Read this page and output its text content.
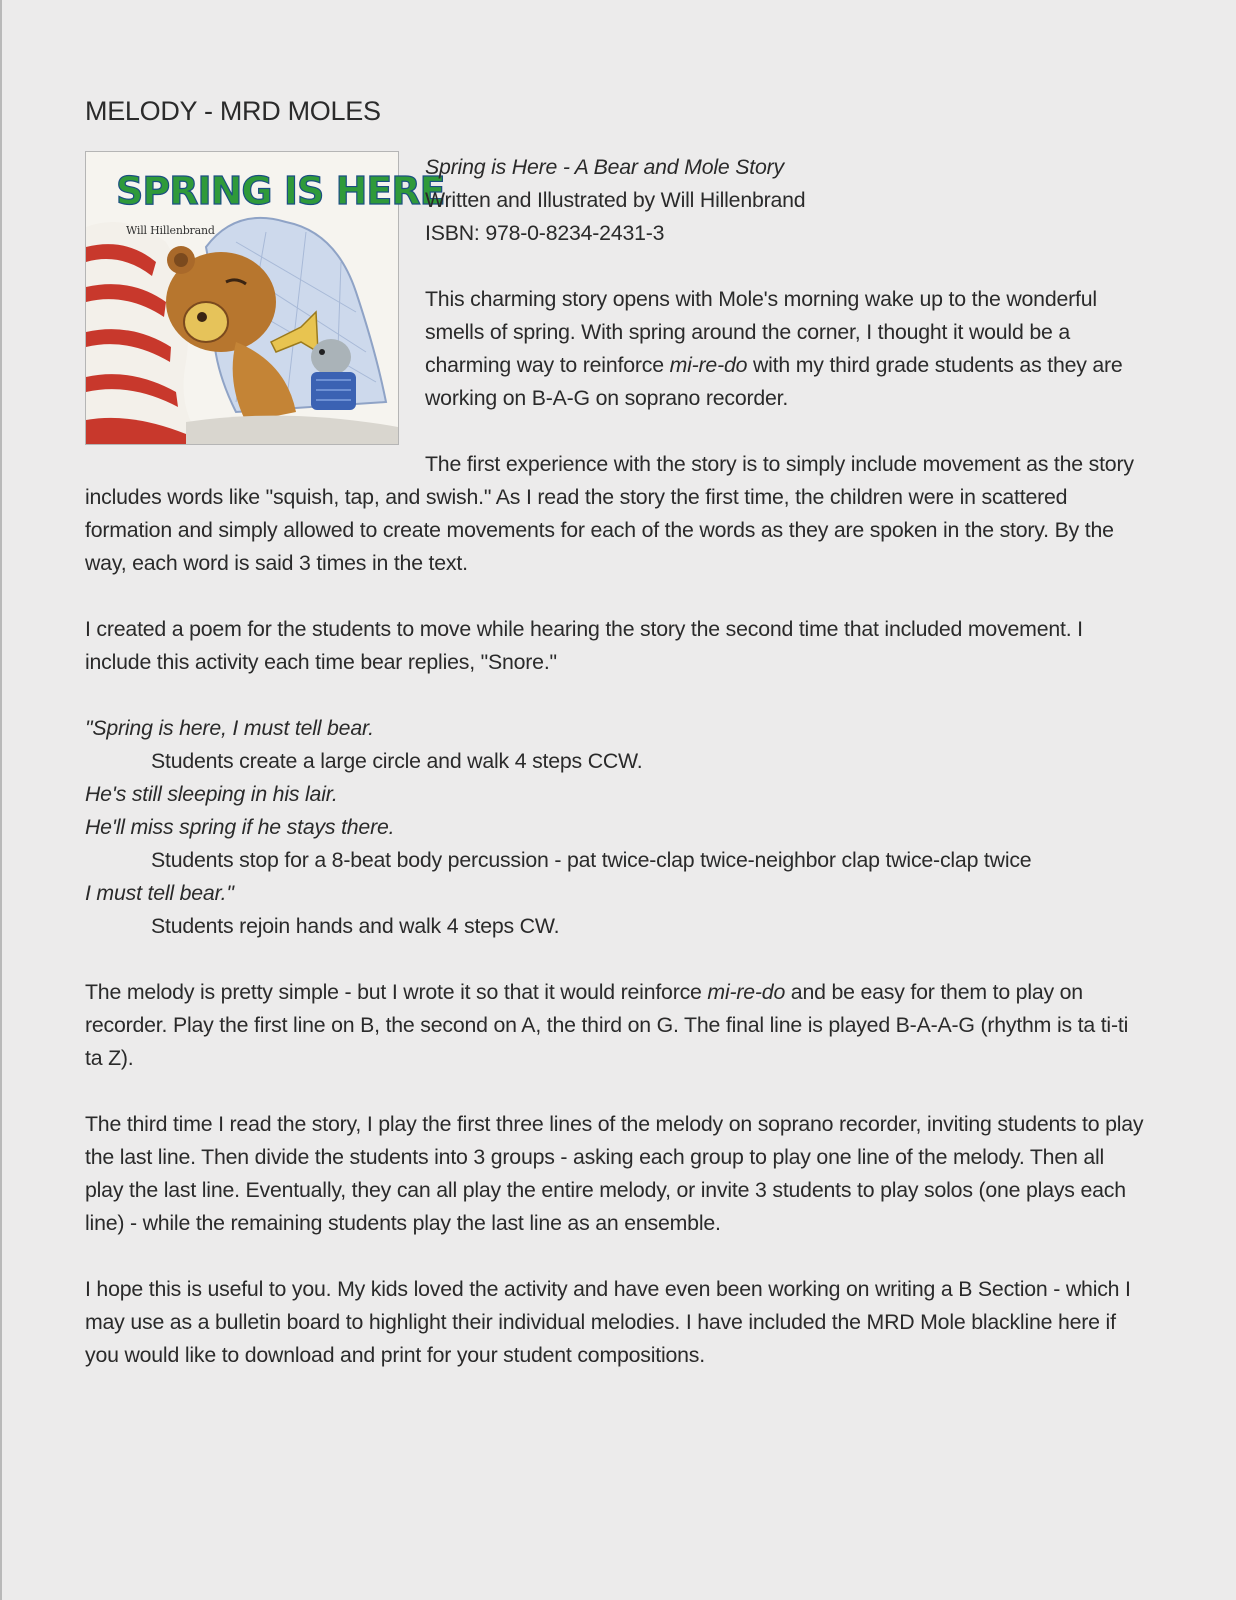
MELODY - MRD MOLES
SPRING IS HERE
Will Hillenbrand
Spring is Here - A Bear and Mole Story
Written and Illustrated by Will Hillenbrand
ISBN: 978-0-8234-2431-3

This charming story opens with Mole's morning wake up to the wonderful smells of spring. With spring around the corner, I thought it would be a charming way to reinforce mi-re-do with my third grade students as they are working on B-A-G on soprano recorder.

The first experience with the story is to simply include movement as the story includes words like "squish, tap, and swish." As I read the story the first time, the children were in scattered formation and simply allowed to create movements for each of the words as they are spoken in the story. By the way, each word is said 3 times in the text.

I created a poem for the students to move while hearing the story the second time that included movement. I include this activity each time bear replies, "Snore."

"Spring is here, I must tell bear.
Students create a large circle and walk 4 steps CCW.
He's still sleeping in his lair.
He'll miss spring if he stays there.
Students stop for a 8-beat body percussion - pat twice-clap twice-neighbor clap twice-clap twice
I must tell bear."
Students rejoin hands and walk 4 steps CW.

The melody is pretty simple - but I wrote it so that it would reinforce mi-re-do and be easy for them to play on recorder. Play the first line on B, the second on A, the third on G. The final line is played B-A-A-G (rhythm is ta ti-ti ta Z).

The third time I read the story, I play the first three lines of the melody on soprano recorder, inviting students to play the last line. Then divide the students into 3 groups - asking each group to play one line of the melody. Then all play the last line. Eventually, they can all play the entire melody, or invite 3 students to play solos (one plays each line) - while the remaining students play the last line as an ensemble.

I hope this is useful to you. My kids loved the activity and have even been working on writing a B Section - which I may use as a bulletin board to highlight their individual melodies. I have included the MRD Mole blackline here if you would like to download and print for your student compositions.
